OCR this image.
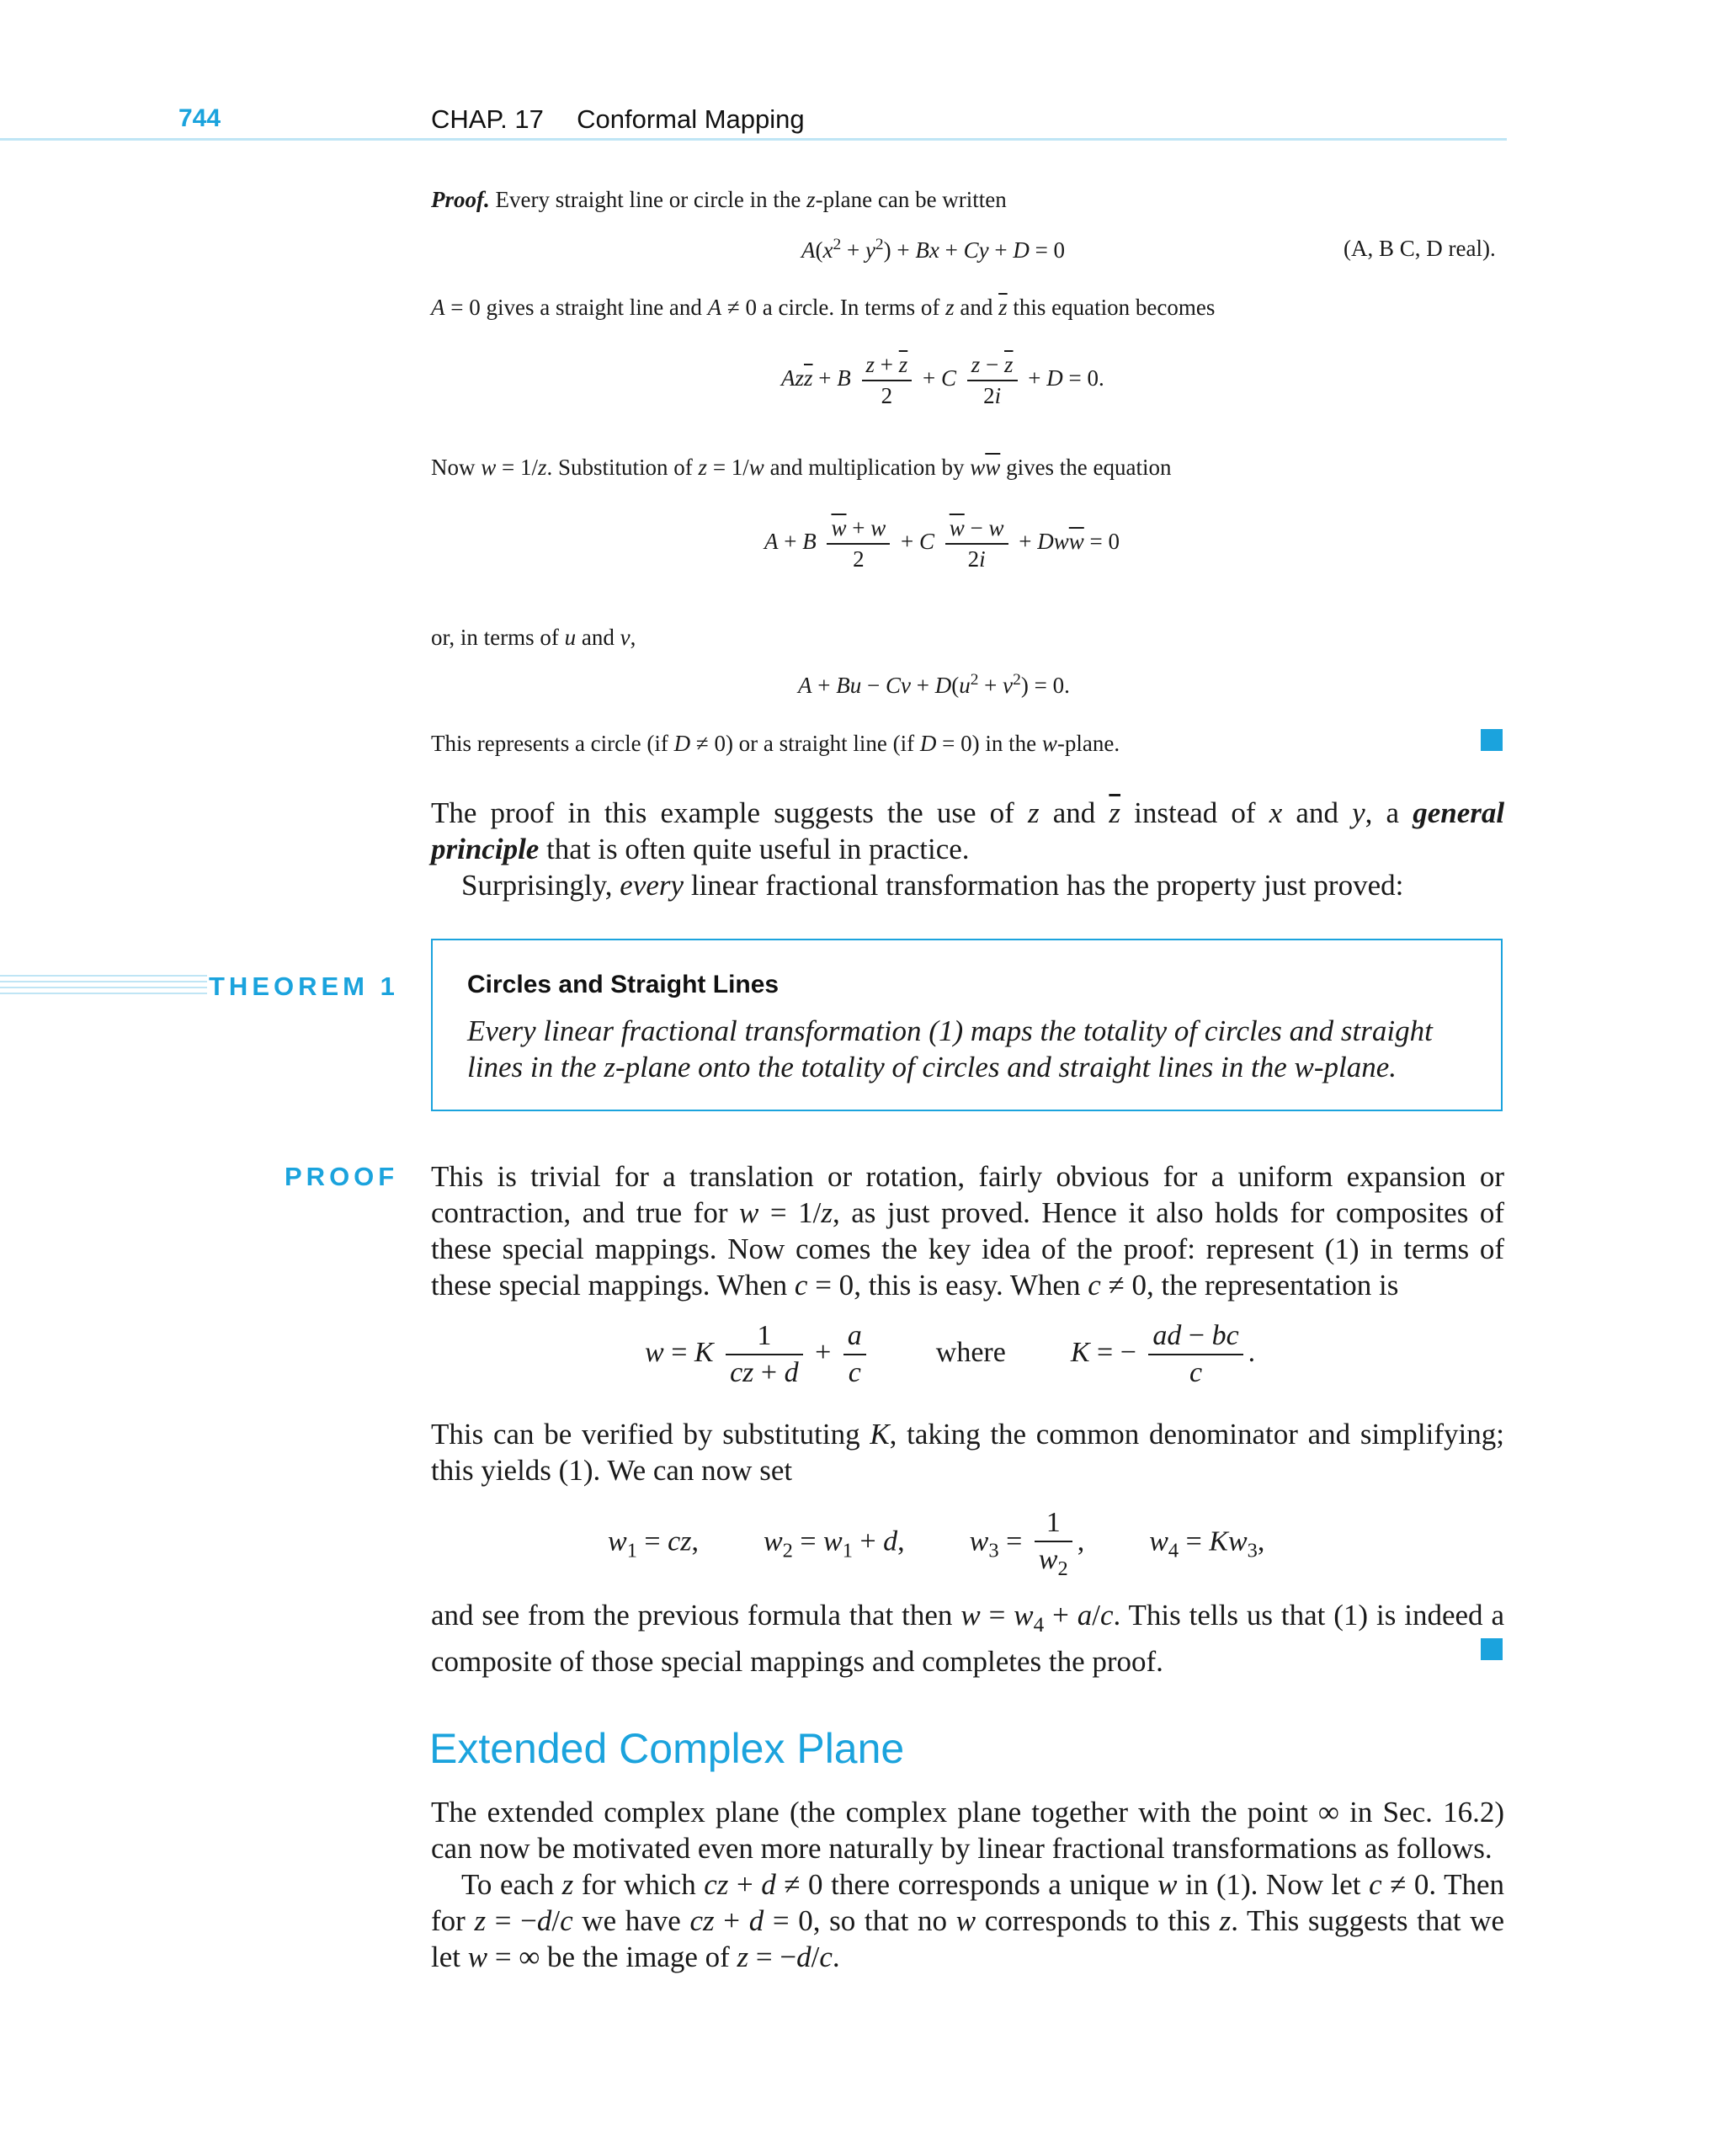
744	CHAP. 17 Conformal Mapping
Proof. Every straight line or circle in the z-plane can be written
$A(x^2 + y^2) + Bx + Cy + D = 0$	(A, B C, D real).
A = 0 gives a straight line and A ≠ 0 a circle. In terms of z and $\overline{z}$ this equation becomes
$Az\overline{z} + B \frac{z + \overline{z}}{2} + C \frac{z - \overline{z}}{2i} + D = 0$.
Now w = 1/z. Substitution of z = 1/w and multiplication by $w\overline{w}$ gives the equation
A + B $\frac{\overline{w} + w}{2} + C \frac{\overline{w} - w}{2i} + Dw\overline{w} = 0$
or, in terms of u and v,
$A + Bu - Cv + D(u^2 + v^2) = 0$.
This represents a circle (if D ≠ 0) or a straight line (if D = 0) in the w-plane.
The proof in this example suggests the use of z and $\overline{z}$ instead of x and y, a general principle that is often quite useful in practice.
Surprisingly, every linear fractional transformation has the property just proved:
THEOREM 1	Circles and Straight Lines
Every linear fractional transformation (1) maps the totality of circles and straight
lines in the z-plane onto the totality of circles and straight lines in the w-plane.
PROOF This is trivial for a translation or rotation, fairly obvious for a uniform expansion or contraction, and true for w = 1/z, as just proved. Hence it also holds for composites of these special mappings. Now comes the key idea of the proof: represent (1) in terms of these special mappings. When c = 0, this is easy. When c ≠ 0, the representation is
w = K $\frac{1}{cz + d} + \frac{a}{c}$ where K = − $\frac{ad - bc}{c}$ .
This can be verified by substituting K, taking the common denominator and simplifying; this yields (1). We can now set
$w_1$ = cz,  $w_2 = w_1 + d$,  $w_3 = \frac{1}{w_2}$ ,  $w_4 = Kw_3$,
and see from the previous formula that then $w = w_4 + a/c$. This tells us that (1) is indeed a composite of those special mappings and completes the proof.
Extended Complex Plane
The extended complex plane (the complex plane together with the point ∞ in Sec. 16.2) can now be motivated even more naturally by linear fractional transformations as follows.
To each z for which cz + d ≠ 0 there corresponds a unique w in (1). Now let c ≠ 0. Then for z = −d/c we have cz + d = 0, so that no w corresponds to this z. This suggests that we let w = ∞ be the image of z = −d/c.
